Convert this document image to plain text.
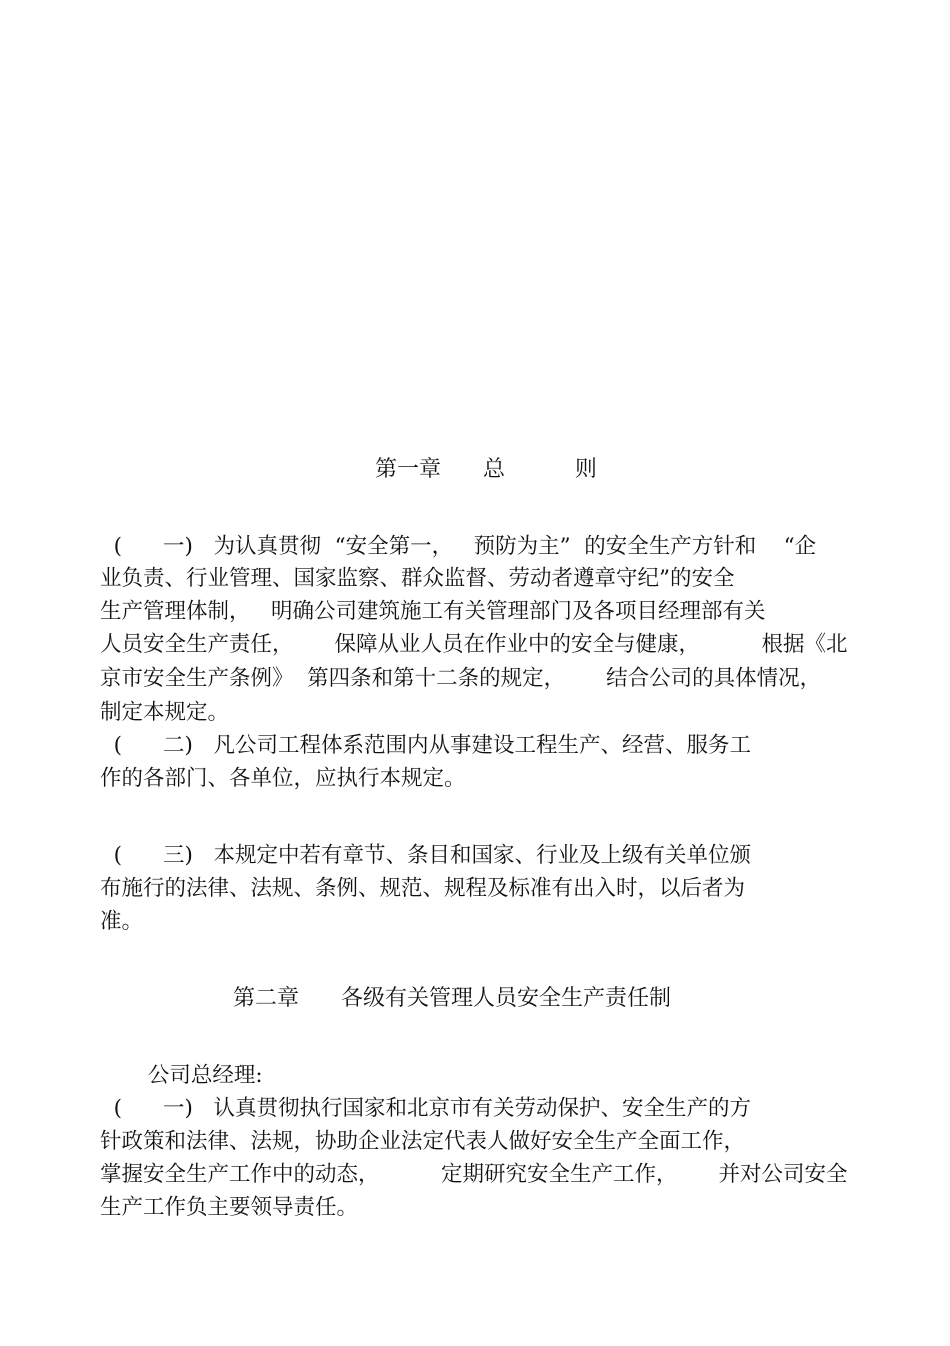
第一章      总          则
(      一)   为认真贯彻  “安全第一，   预防为主”  的安全生产方针和    “企
业负责、行业管理、国家监察、群众监督、劳动者遵章守纪”的安全
生产管理体制，   明确公司建筑施工有关管理部门及各项目经理部有关
人员安全生产责任，      保障从业人员在作业中的安全与健康，         根据《北
京市安全生产条例》  第四条和第十二条的规定，      结合公司的具体情况，
制定本规定。
(      二)   凡公司工程体系范围内从事建设工程生产、经营、服务工
作的各部门、各单位，应执行本规定。
(      三)   本规定中若有章节、条目和国家、行业及上级有关单位颁
布施行的法律、法规、条例、规范、规程及标准有出入时，以后者为
准。
第二章      各级有关管理人员安全生产责任制
公司总经理:
(      一)   认真贯彻执行国家和北京市有关劳动保护、安全生产的方
针政策和法律、法规，协助企业法定代表人做好安全生产全面工作，
掌握安全生产工作中的动态，         定期研究安全生产工作，      并对公司安全
生产工作负主要领导责任。
